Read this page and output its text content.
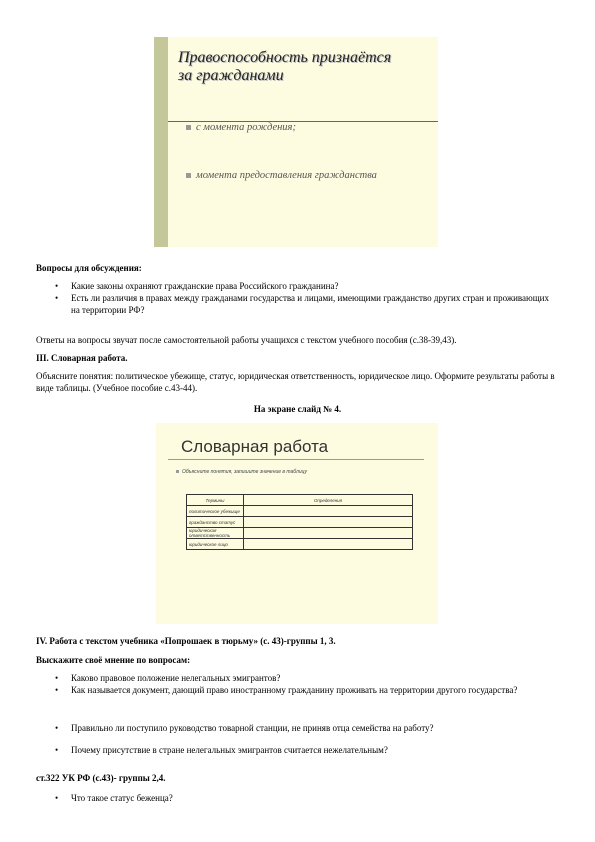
Правоспособность признаётся
за гражданами
с момента рождения;
момента предоставления гражданства
Вопросы для обсуждения:
• Какие законы охраняют гражданские права Российского гражданина?
• Есть ли различия в правах между гражданами государства и лицами, имеющими гражданство других стран и проживающих на территории РФ?
Ответы на вопросы звучат после самостоятельной работы учащихся с текстом учебного пособия (с.38-39,43).
III. Словарная работа.
Объясните понятия: политическое убежище, статус, юридическая ответственность, юридическое лицо. Оформите результаты работы в виде таблицы. (Учебное пособие с.43-44).
На экране слайд № 4.
Словарная работа
Объясните понятия, запишите значение в таблицу
Термины	Определения
политическое убежище	
гражданство статус	
юридическая ответственность	
юридическое лицо	
IV. Работа с текстом учебника «Попрошаек в тюрьму» (с. 43)-группы 1, 3.
Выскажите своё мнение по вопросам:
• Каково правовое положение нелегальных эмигрантов?
• Как называется документ, дающий право иностранному гражданину проживать на территории другого государства?
• Правильно ли поступило руководство товарной станции, не приняв отца семейства на работу?
• Почему присутствие в стране нелегальных эмигрантов считается нежелательным?
ст.322 УК РФ (с.43)- группы 2,4.
• Что такое статус беженца?
